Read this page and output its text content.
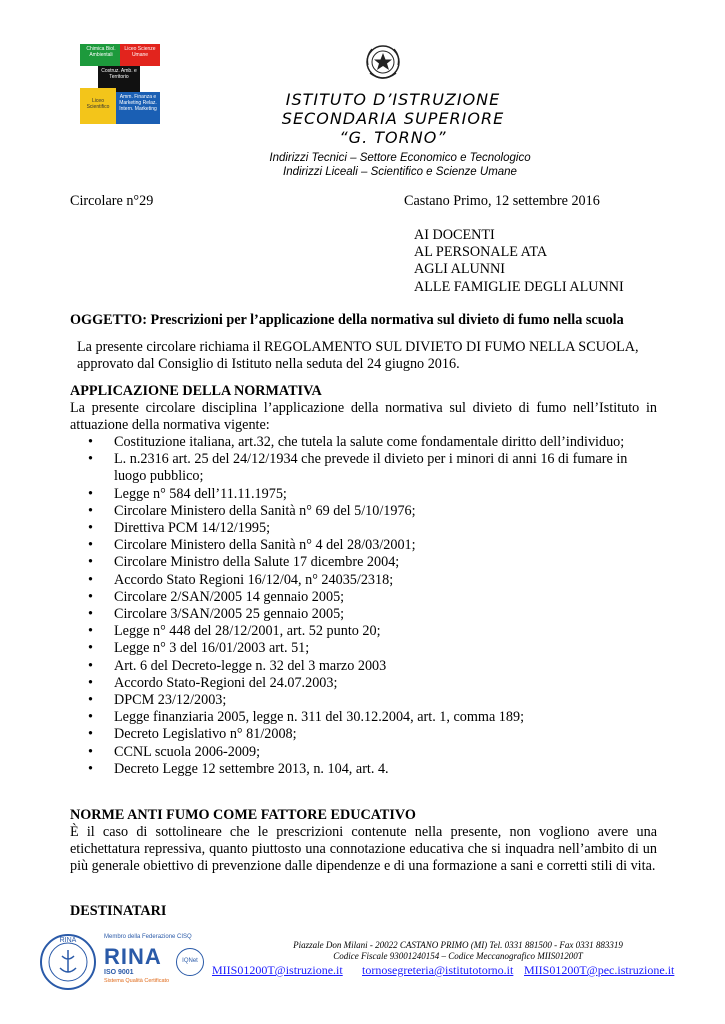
Chimica Biol. Ambientali
Liceo Scienze Umane
Costruz. Amb. e Territorio
Liceo Scientifico
Amm. Finanza e Marketing Relaz. Intern. Marketing	ISTITUTO D’ISTRUZIONE
SECONDARIA SUPERIORE
“G. TORNO”
Indirizzi Tecnici – Settore Economico e Tecnologico
Indirizzi Liceali – Scientifico e Scienze Umane
Circolare n°29	Castano Primo, 12 settembre 2016
AI DOCENTI
AL PERSONALE ATA
AGLI ALUNNI
ALLE FAMIGLIE DEGLI ALUNNI
OGGETTO: Prescrizioni per l’applicazione della normativa sul divieto di fumo nella scuola
La presente circolare richiama il REGOLAMENTO SUL DIVIETO DI FUMO NELLA SCUOLA,
approvato dal Consiglio di Istituto nella seduta del 24 giugno 2016.
APPLICAZIONE DELLA NORMATIVA
La presente circolare disciplina l’applicazione della normativa sul divieto di fumo nell’Istituto in attuazione della normativa vigente:
• Costituzione italiana, art.32, che tutela la salute come fondamentale diritto dell’individuo;
• L. n.2316 art. 25 del 24/12/1934 che prevede il divieto per i minori di anni 16 di fumare in luogo pubblico;
• Legge n° 584 dell’11.11.1975;
• Circolare Ministero della Sanità n° 69 del 5/10/1976;
• Direttiva PCM 14/12/1995;
• Circolare Ministero della Sanità n° 4 del 28/03/2001;
• Circolare Ministro della Salute 17 dicembre 2004;
• Accordo Stato Regioni 16/12/04, n° 24035/2318;
• Circolare 2/SAN/2005 14 gennaio 2005;
• Circolare 3/SAN/2005 25 gennaio 2005;
• Legge n° 448 del 28/12/2001, art. 52 punto 20;
• Legge n° 3 del 16/01/2003 art. 51;
• Art. 6 del Decreto-legge n. 32 del 3 marzo 2003
• Accordo Stato-Regioni del 24.07.2003;
• DPCM 23/12/2003;
• Legge finanziaria 2005, legge n. 311 del 30.12.2004, art. 1, comma 189;
• Decreto Legislativo n° 81/2008;
• CCNL scuola 2006-2009;
• Decreto Legge 12 settembre 2013, n. 104, art. 4.
NORME ANTI FUMO COME FATTORE EDUCATIVO
È il caso di sottolineare che le prescrizioni contenute nella presente, non vogliono avere una etichettatura repressiva, quanto piuttosto una connotazione educativa che si inquadra nell’ambito di un più generale obiettivo di prevenzione dalle dipendenze e di una formazione a sani e corretti stili di vita.
DESTINATARI
RINA	Membro della Federazione CISQ
RINA
ISO 9001
Sistema Qualità Certificato
IQNet
Piazzale Don Milani - 20022 CASTANO PRIMO (MI) Tel. 0331 881500 - Fax 0331 883319
Codice Fiscale 93001240154 – Codice Meccanografico MIIS01200T
MIIS01200T@istruzione.it tornosegreteria@istitutotorno.it MIIS01200T@pec.istruzione.it
